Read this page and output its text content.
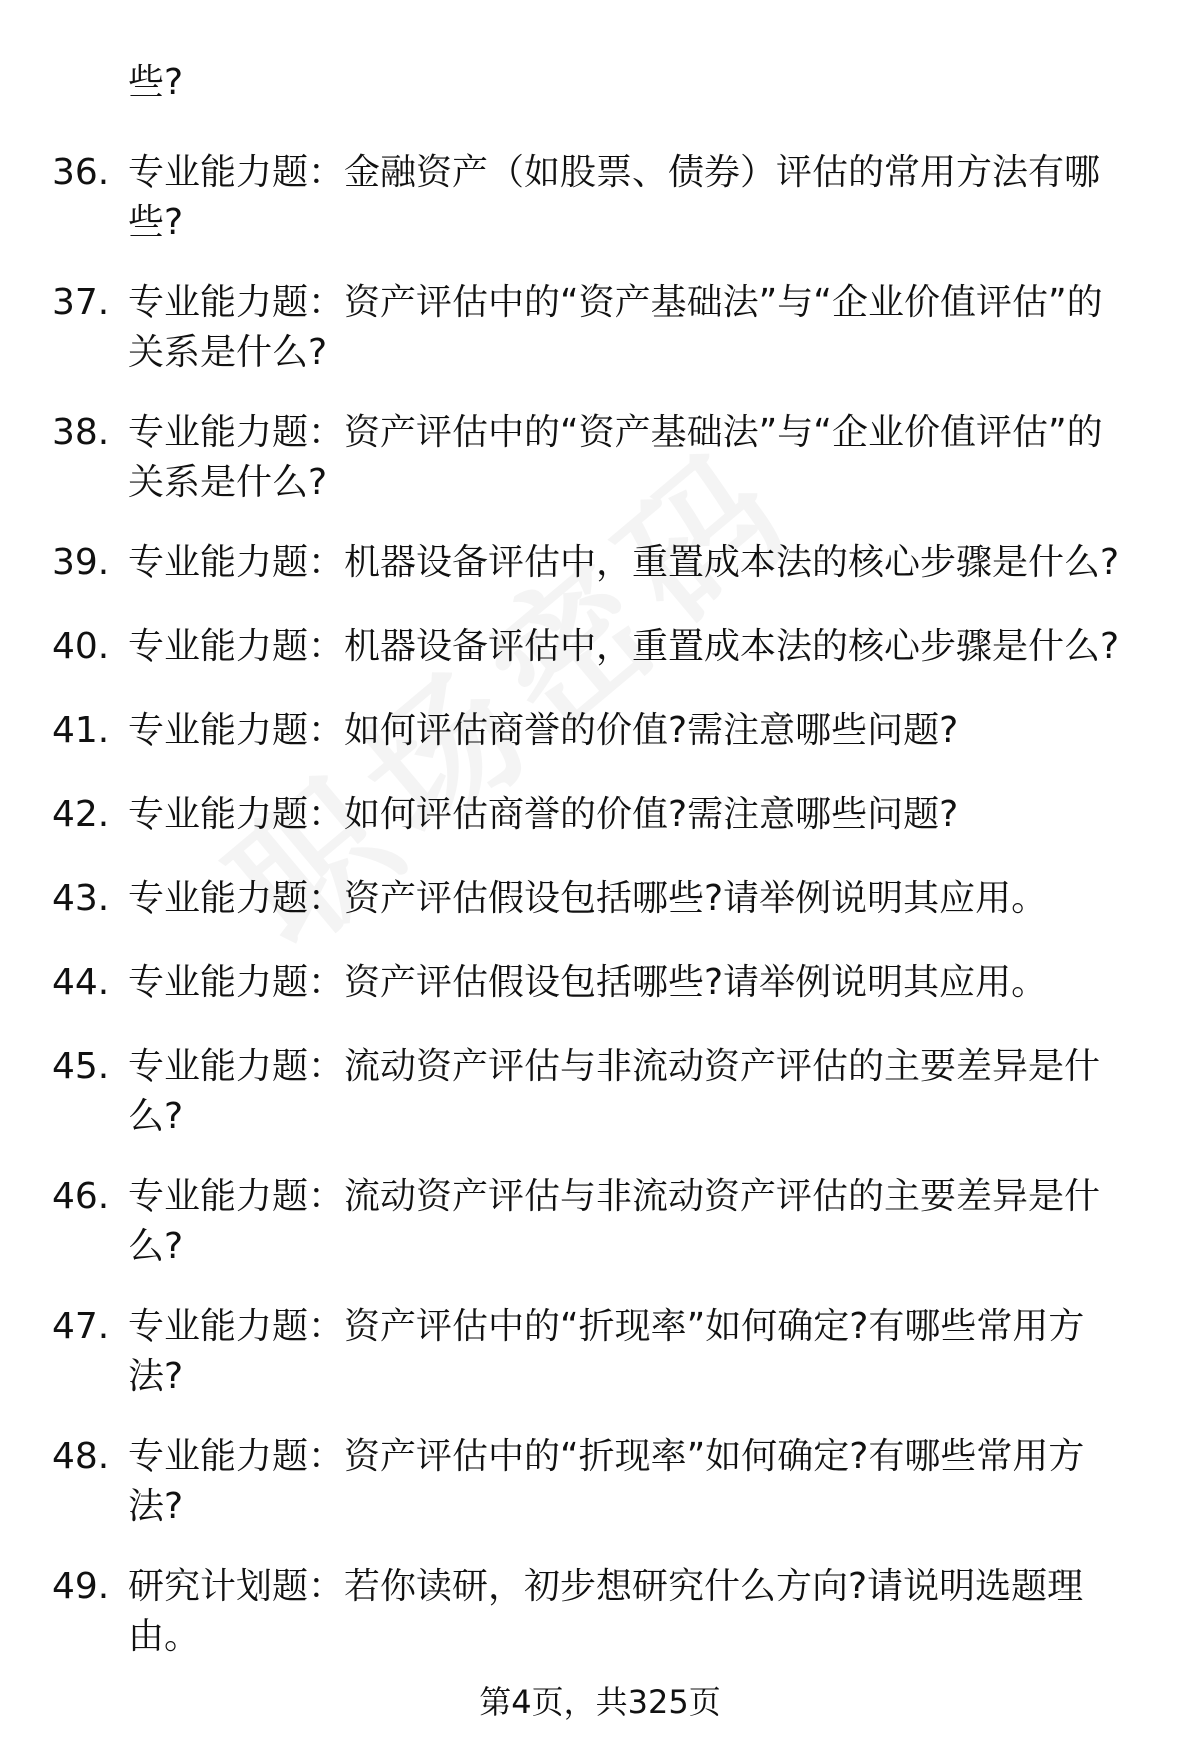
些?
36. 专业能力题：金融资产（如股票、债券）评估的常用方法有哪些?
37. 专业能力题：资产评估中的“资产基础法”与“企业价值评估”的关系是什么?
38. 专业能力题：资产评估中的“资产基础法”与“企业价值评估”的关系是什么?
39. 专业能力题：机器设备评估中，重置成本法的核心步骤是什么?
40. 专业能力题：机器设备评估中，重置成本法的核心步骤是什么?
41. 专业能力题：如何评估商誉的价值?需注意哪些问题?
42. 专业能力题：如何评估商誉的价值?需注意哪些问题?
43. 专业能力题：资产评估假设包括哪些?请举例说明其应用。
44. 专业能力题：资产评估假设包括哪些?请举例说明其应用。
45. 专业能力题：流动资产评估与非流动资产评估的主要差异是什么?
46. 专业能力题：流动资产评估与非流动资产评估的主要差异是什么?
47. 专业能力题：资产评估中的“折现率”如何确定?有哪些常用方法?
48. 专业能力题：资产评估中的“折现率”如何确定?有哪些常用方法?
49. 研究计划题：若你读研，初步想研究什么方向?请说明选题理由。
第4页，共325页
